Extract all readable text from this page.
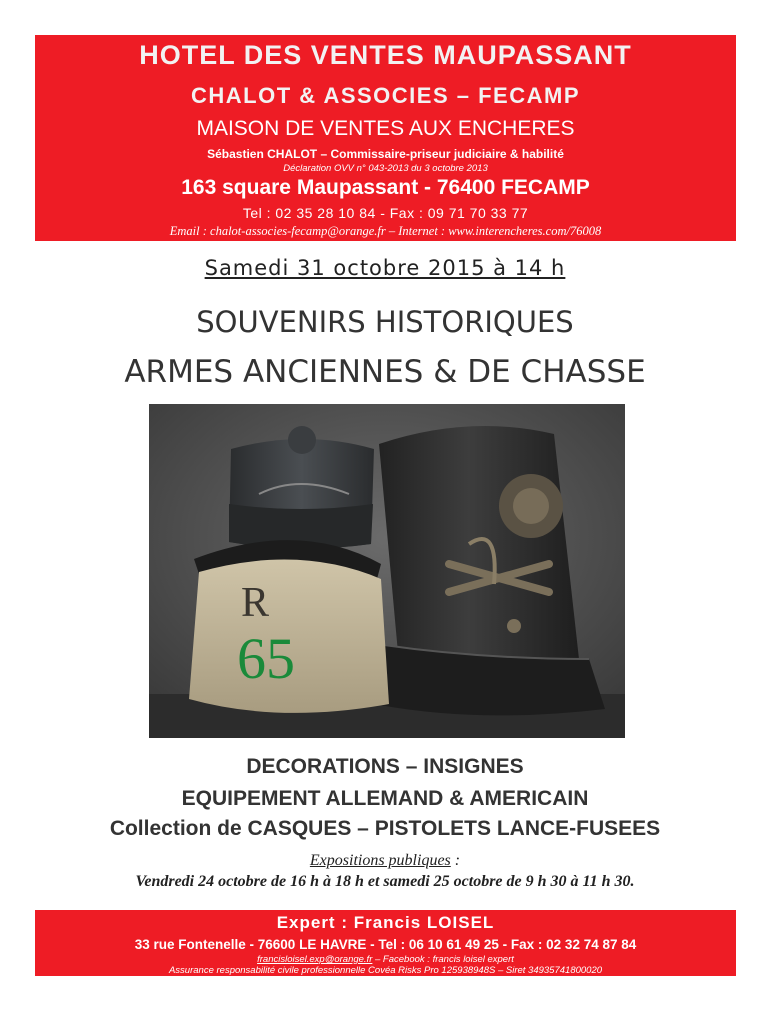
HOTEL DES VENTES MAUPASSANT
CHALOT & ASSOCIES – FECAMP
MAISON DE VENTES AUX ENCHERES
Sébastien CHALOT – Commissaire-priseur judiciaire & habilité
Déclaration OVV n° 043-2013 du 3 octobre 2013
163 square Maupassant - 76400 FECAMP
Tel : 02 35 28 10 84 - Fax : 09 71 70 33 77
Email : chalot-associes-fecamp@orange.fr – Internet : www.interencheres.com/76008
Samedi 31 octobre 2015 à 14 h
SOUVENIRS HISTORIQUES
ARMES ANCIENNES & DE CHASSE
R
65
DECORATIONS – INSIGNES
EQUIPEMENT ALLEMAND & AMERICAIN
Collection de CASQUES – PISTOLETS LANCE-FUSEES
Expositions publiques :
Vendredi 24 octobre de 16 h à 18 h et samedi 25 octobre de 9 h 30 à 11 h 30.
Expert : Francis LOISEL
33 rue Fontenelle - 76600 LE HAVRE - Tel : 06 10 61 49 25 - Fax : 02 32 74 87 84
francisloisel.exp@orange.fr – Facebook : francis loisel expert
Assurance responsabilité civile professionnelle Covéa Risks Pro 125938948S – Siret 34935741800020
